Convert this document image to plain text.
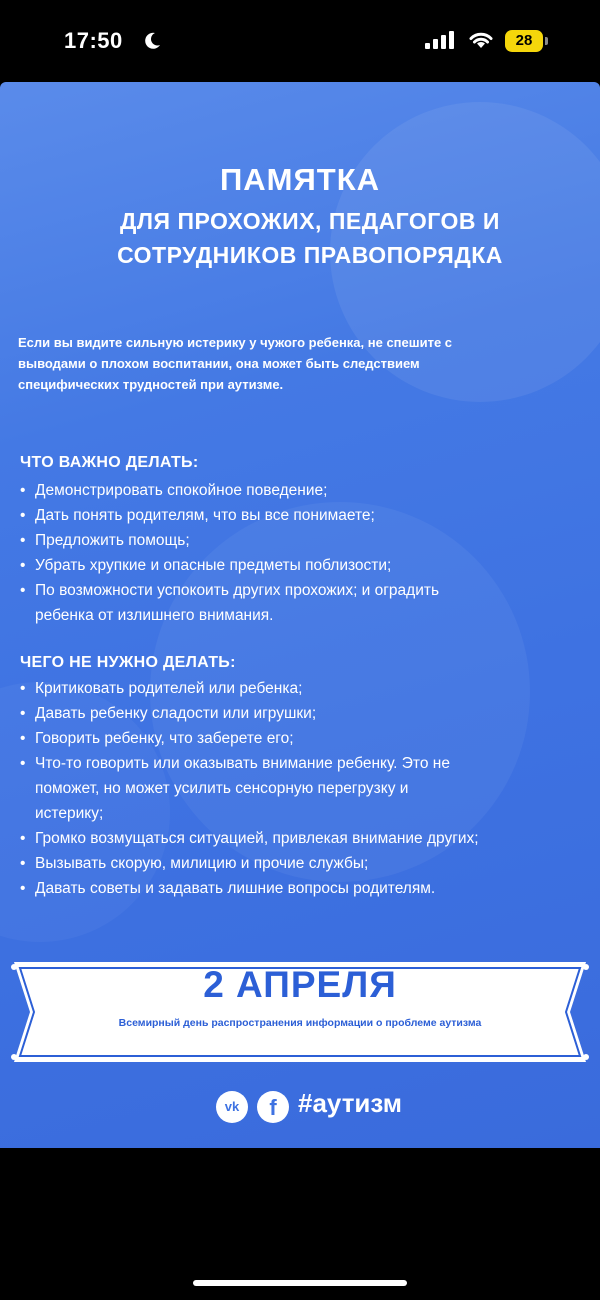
17:50	28
ПАМЯТКА
ДЛЯ ПРОХОЖИХ, ПЕДАГОГОВ И
СОТРУДНИКОВ ПРАВОПОРЯДКА
Если вы видите сильную истерику у чужого ребенка, не спешите с
выводами о плохом воспитании, она может быть следствием
специфических трудностей при аутизме.
ЧТО ВАЖНО ДЕЛАТЬ:
• Демонстрировать спокойное поведение;
• Дать понять родителям, что вы все понимаете;
• Предложить помощь;
• Убрать хрупкие и опасные предметы поблизости;
• По возможности успокоить других прохожих; и оградить
ребенка от излишнего внимания.
ЧЕГО НЕ НУЖНО ДЕЛАТЬ:
• Критиковать родителей или ребенка;
• Давать ребенку сладости или игрушки;
• Говорить ребенку, что заберете его;
• Что-то говорить или оказывать внимание ребенку. Это не
поможет, но может усилить сенсорную перегрузку и
истерику;
• Громко возмущаться ситуацией, привлекая внимание других;
• Вызывать скорую, милицию и прочие службы;
• Давать советы и задавать лишние вопросы родителям.
2 АПРЕЛЯ
Всемирный день распространения информации о проблеме аутизма
vk	f #аутизм
